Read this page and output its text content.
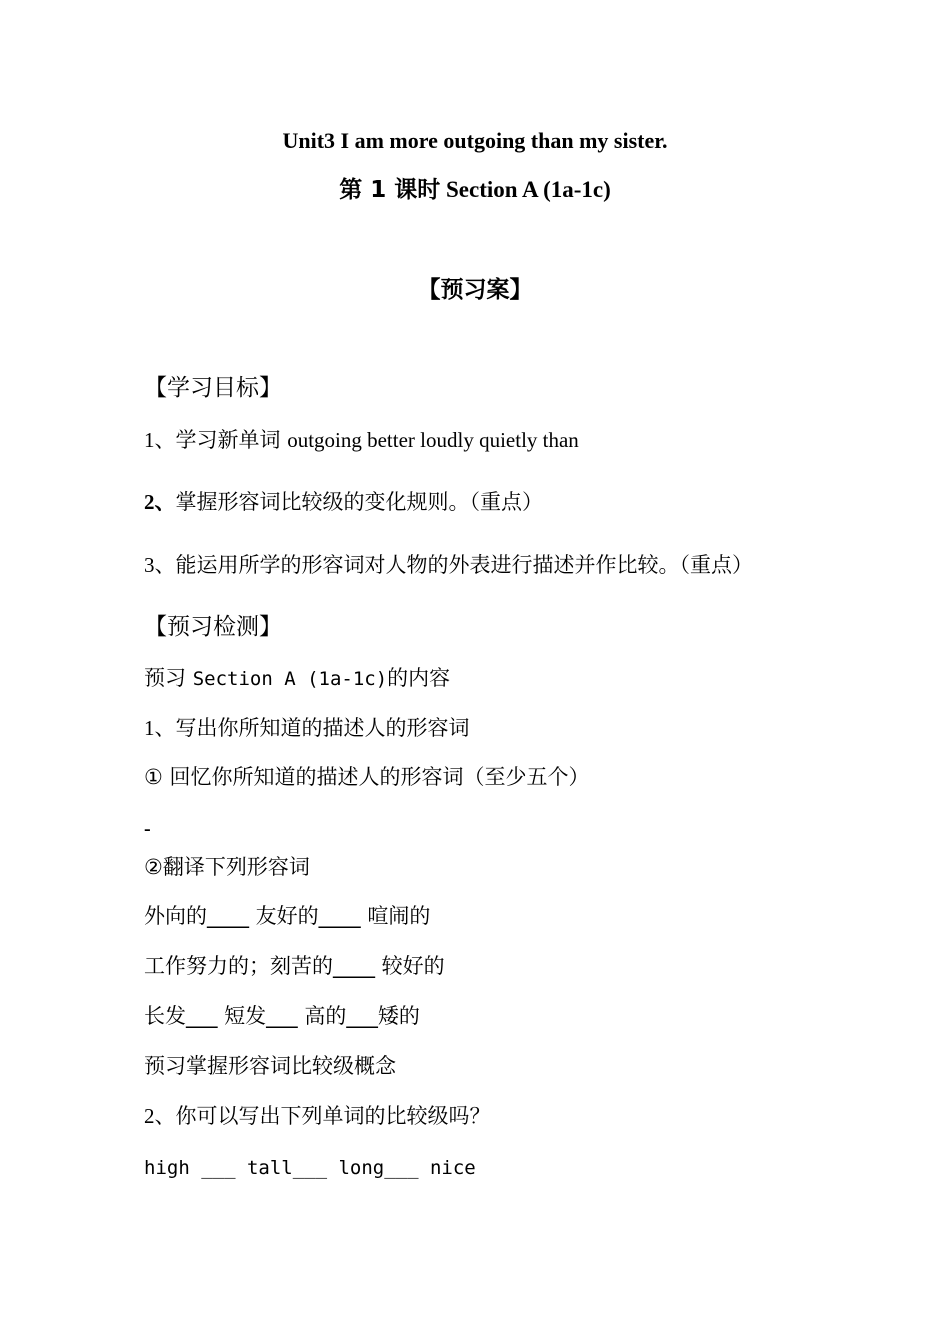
Unit3 I am more outgoing than my sister.
第 1 课时 Section A (1a-1c)
【预习案】
【学习目标】
1、学习新单词 outgoing better loudly quietly than
2、掌握形容词比较级的变化规则。（重点）
3、能运用所学的形容词对人物的外表进行描述并作比较。（重点）
【预习检测】
预习 Section A (1a-1c)的内容
1、写出你所知道的描述人的形容词
① 回忆你所知道的描述人的形容词（至少五个）
-
②翻译下列形容词
外向的____ 友好的____ 喧闹的
工作努力的；刻苦的____ 较好的
长发___ 短发___ 高的___矮的
预习掌握形容词比较级概念
2、你可以写出下列单词的比较级吗？
high ___ tall___ long___ nice
